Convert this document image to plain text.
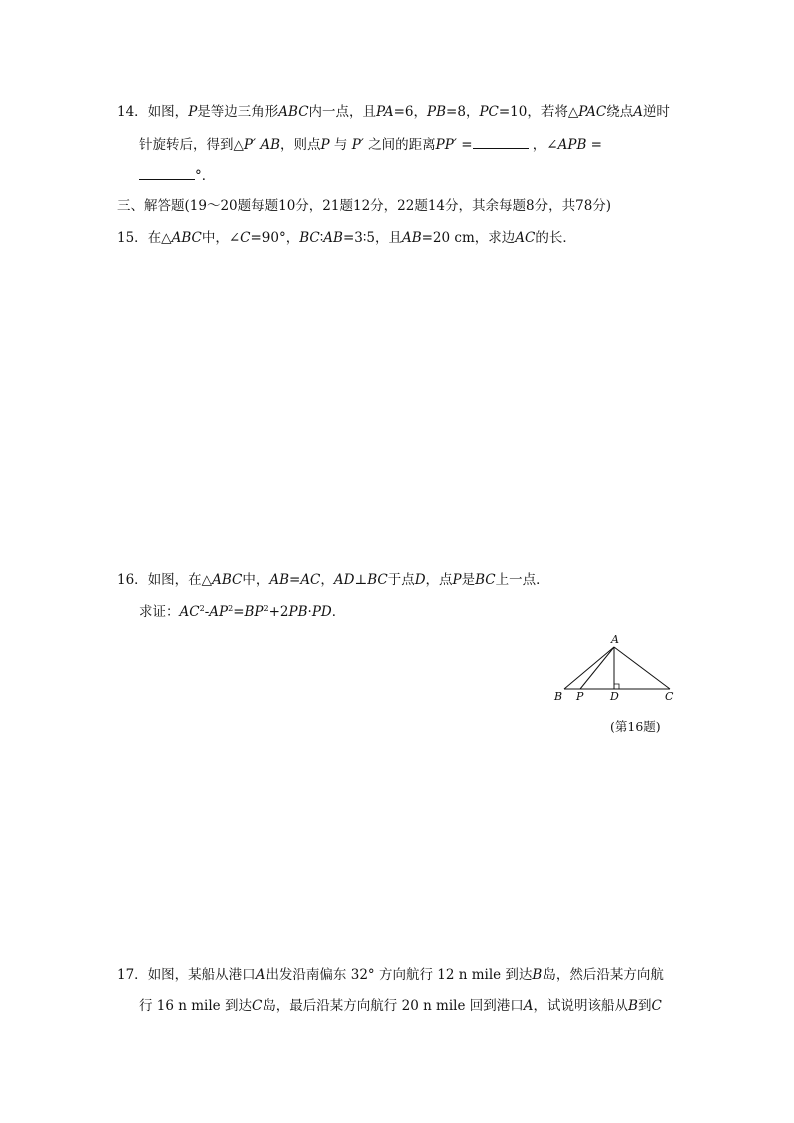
14．如图，P是等边三角形ABC内一点，且PA=6，PB=8，PC=10，若将△PAC绕点A逆时
针旋转后，得到△P′ AB，则点P 与 P′ 之间的距离PP′ =	，∠APB =
°．
三、解答题(19～20题每题10分，21题12分，22题14分，其余每题8分，共78分)
15．在△ABC中，∠C=90°，BC∶AB=3∶5，且AB=20 cm，求边AC的长．
16．如图，在△ABC中，AB=AC，AD⊥BC于点D，点P是BC上一点．
求证：$AC^2-AP^2=BP^2+2PB\cdot PD$．
A
B P D	C
(第16题)
17．如图，某船从港口A出发沿南偏东 32° 方向航行 12 n mile 到达B岛，然后沿某方向航
行 16 n mile 到达C岛，最后沿某方向航行 20 n mile 回到港口A，试说明该船从B到C
